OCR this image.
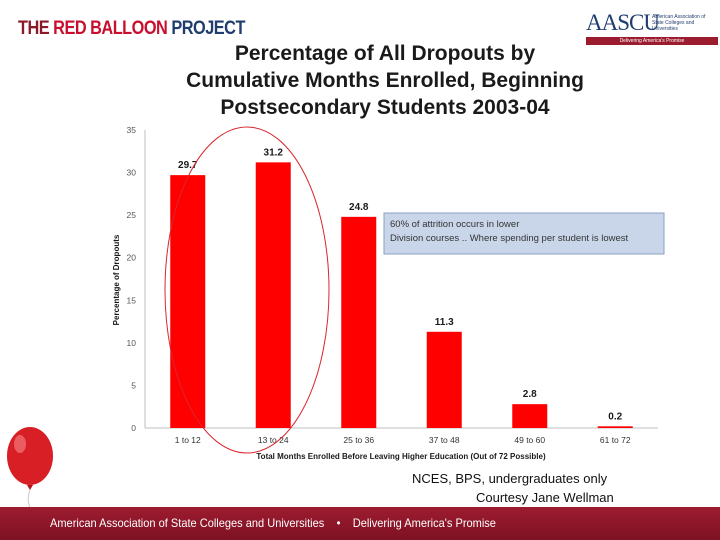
THE RED BALLOON PROJECT	AASCU
American Association of State Colleges and Universities
Delivering America's Promise
Percentage of All Dropouts by
Cumulative Months Enrolled, Beginning
Postsecondary Students 2003-04
29.7
31.2
24.8
11.3
2.8
0.2
1 to 12	13 to 24	25 to 36	37 to 48	49 to 60	61 to 72
0
5
10
15
20
25
30
35
Percentage of Dropouts
Total Months Enrolled Before Leaving Higher Education (Out of 72 Possible)
60% of attrition occurs in lower
Division courses .. Where spending per student is lowest
NCES, BPS, undergraduates only
Courtesy Jane Wellman
American Association of State Colleges and Universities • Delivering America's Promise
